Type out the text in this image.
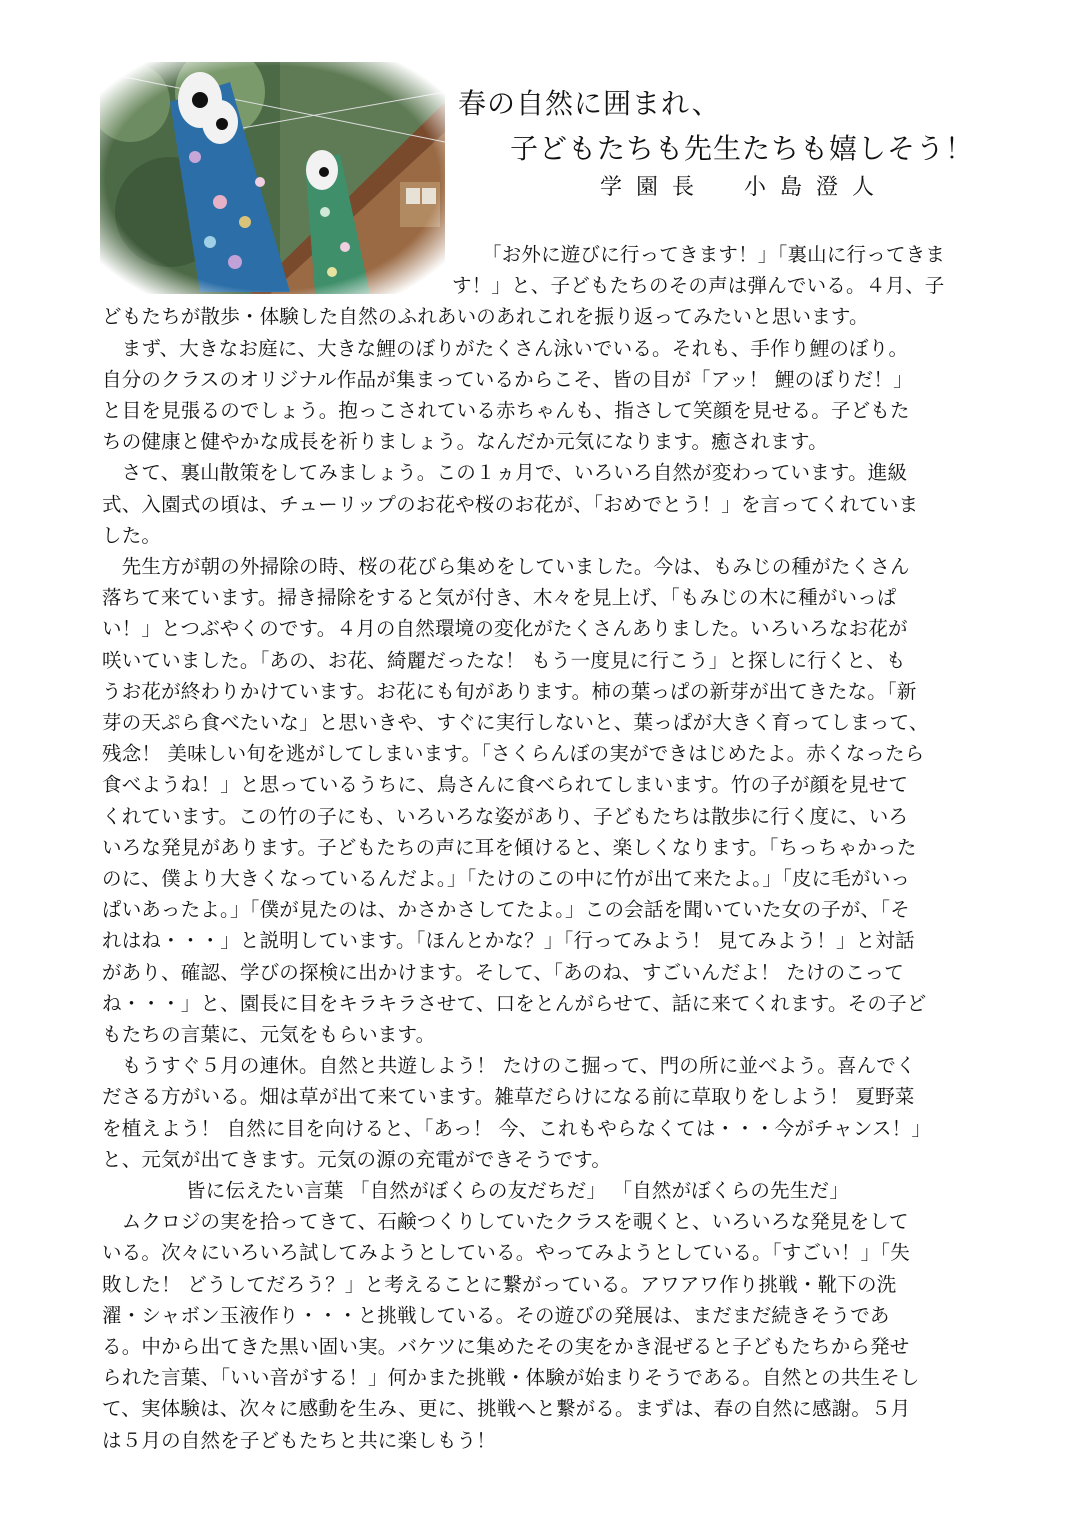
春の自然に囲まれ、
子どもたちも先生たちも嬉しそう！
学園長　小島澄人
「お外に遊びに行ってきます！」「裏山に行ってきま
す！」と、子どもたちのその声は弾んでいる。４月、子
どもたちが散歩・体験した自然のふれあいのあれこれを振り返ってみたいと思います。
　まず、大きなお庭に、大きな鯉のぼりがたくさん泳いでいる。それも、手作り鯉のぼり。
自分のクラスのオリジナル作品が集まっているからこそ、皆の目が「アッ！ 鯉のぼりだ！」
と目を見張るのでしょう。抱っこされている赤ちゃんも、指さして笑顔を見せる。子どもた
ちの健康と健やかな成長を祈りましょう。なんだか元気になります。癒されます。
　さて、裏山散策をしてみましょう。この１ヵ月で、いろいろ自然が変わっています。進級
式、入園式の頃は、チューリップのお花や桜のお花が、「おめでとう！」を言ってくれていま
した。
　先生方が朝の外掃除の時、桜の花びら集めをしていました。今は、もみじの種がたくさん
落ちて来ています。掃き掃除をすると気が付き、木々を見上げ、「もみじの木に種がいっぱ
い！」とつぶやくのです。４月の自然環境の変化がたくさんありました。いろいろなお花が
咲いていました。「あの、お花、綺麗だったな！ もう一度見に行こう」と探しに行くと、も
うお花が終わりかけています。お花にも旬があります。柿の葉っぱの新芽が出てきたな。「新
芽の天ぷら食べたいな」と思いきや、すぐに実行しないと、葉っぱが大きく育ってしまって、
残念！ 美味しい旬を逃がしてしまいます。「さくらんぼの実ができはじめたよ。赤くなったら
食べようね！」と思っているうちに、鳥さんに食べられてしまいます。竹の子が顔を見せて
くれています。この竹の子にも、いろいろな姿があり、子どもたちは散歩に行く度に、いろ
いろな発見があります。子どもたちの声に耳を傾けると、楽しくなります。「ちっちゃかった
のに、僕より大きくなっているんだよ。」「たけのこの中に竹が出て来たよ。」「皮に毛がいっ
ぱいあったよ。」「僕が見たのは、かさかさしてたよ。」この会話を聞いていた女の子が、「そ
れはね・・・」と説明しています。「ほんとかな？」「行ってみよう！ 見てみよう！」と対話
があり、確認、学びの探検に出かけます。そして、「あのね、すごいんだよ！ たけのこって
ね・・・」と、園長に目をキラキラさせて、口をとんがらせて、話に来てくれます。その子ど
もたちの言葉に、元気をもらいます。
　もうすぐ５月の連休。自然と共遊しよう！ たけのこ掘って、門の所に並べよう。喜んでく
ださる方がいる。畑は草が出て来ています。雑草だらけになる前に草取りをしよう！ 夏野菜
を植えよう！ 自然に目を向けると、「あっ！ 今、これもやらなくては・・・今がチャンス！」
と、元気が出てきます。元気の源の充電ができそうです。
皆に伝えたい言葉 「自然がぼくらの友だちだ」 「自然がぼくらの先生だ」
　ムクロジの実を拾ってきて、石鹸つくりしていたクラスを覗くと、いろいろな発見をして
いる。次々にいろいろ試してみようとしている。やってみようとしている。「すごい！」「失
敗した！ どうしてだろう？」と考えることに繋がっている。アワアワ作り挑戦・靴下の洗
濯・シャボン玉液作り・・・と挑戦している。その遊びの発展は、まだまだ続きそうであ
る。中から出てきた黒い固い実。バケツに集めたその実をかき混ぜると子どもたちから発せ
られた言葉、「いい音がする！」何かまた挑戦・体験が始まりそうである。自然との共生そし
て、実体験は、次々に感動を生み、更に、挑戦へと繋がる。まずは、春の自然に感謝。５月
は５月の自然を子どもたちと共に楽しもう！
